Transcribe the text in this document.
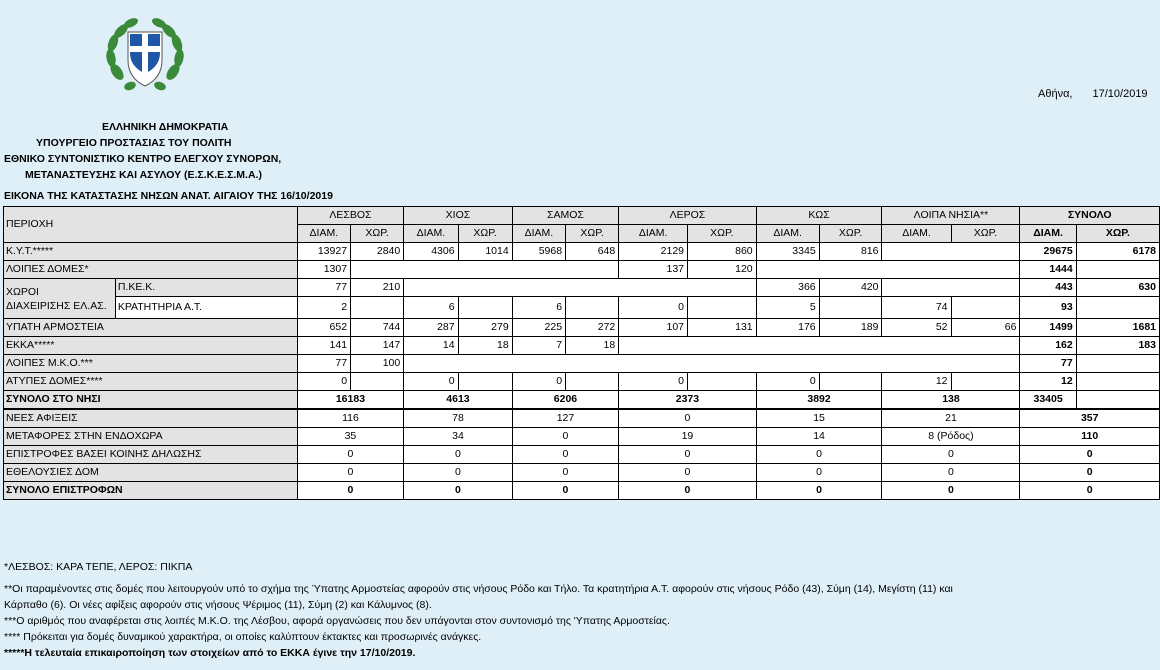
Αθήνα, 17/10/2019
ΕΛΛΗΝΙΚΗ ΔΗΜΟΚΡΑΤΙΑ
ΥΠΟΥΡΓΕΙΟ ΠΡΟΣΤΑΣΙΑΣ ΤΟΥ ΠΟΛΙΤΗ
ΕΘΝΙΚΟ ΣΥΝΤΟΝΙΣΤΙΚΟ ΚΕΝΤΡΟ ΕΛΕΓΧΟΥ ΣΥΝΟΡΩΝ,
ΜΕΤΑΝΑΣΤΕΥΣΗΣ ΚΑΙ ΑΣΥΛΟΥ (Ε.Σ.Κ.Ε.Σ.Μ.Α.)
ΕΙΚΟΝΑ ΤΗΣ ΚΑΤΑΣΤΑΣΗΣ ΝΗΣΩΝ ΑΝΑΤ. ΑΙΓΑΙΟΥ ΤΗΣ 16/10/2019
ΠΕΡΙΟΧΗ		ΛΕΣΒΟΣ		ΧΙΟΣ		ΣΑΜΟΣ		ΛΕΡΟΣ		ΚΩΣ		ΛΟΙΠΑ ΝΗΣΙΑ**		ΣΥΝΟΛΟ	
		ΔΙΑΜ.	ΧΩΡ.	ΔΙΑΜ.	ΧΩΡ.	ΔΙΑΜ.	ΧΩΡ.	ΔΙΑΜ.	ΧΩΡ.	ΔΙΑΜ.	ΧΩΡ.	ΔΙΑΜ.	ΧΩΡ.	ΔΙΑΜ.	ΧΩΡ.
Κ.Υ.Τ.*****		13927	2840	4306	1014	5968	648	2129	860	3345	816			29675	6178
ΛΟΙΠΕΣ ΔΟΜΕΣ*		1307						137	120					1444	
ΧΩΡΟΙ
ΔΙΑΧΕΙΡΙΣΗΣ ΕΛ.ΑΣ.	Π.ΚΕ.Κ.	77	210							366	420			443	630
	ΚΡΑΤΗΤΗΡΙΑ Α.Τ.	2		6		6		0		5		74		93	
ΥΠΑΤΗ ΑΡΜΟΣΤΕΙΑ		652	744	287	279	225	272	107	131	176	189	52	66	1499	1681
ΕΚΚΑ*****		141	147	14	18	7	18							162	183
ΛΟΙΠΕΣ Μ.Κ.Ο.***		77	100											77	
ΑΤΥΠΕΣ ΔΟΜΕΣ****		0		0		0		0		0		12		12	
ΣΥΝΟΛΟ ΣΤΟ ΝΗΣΙ		16183		4613		6206		2373		3892		138		33405	
ΝΕΕΣ ΑΦΙΞΕΙΣ		116		78		127		0		15		21		357	
ΜΕΤΑΦΟΡΕΣ ΣΤΗΝ ΕΝΔΟΧΩΡΑ		35		34		0		19		14		8 (Ρόδος)		110	
ΕΠΙΣΤΡΟΦΕΣ ΒΑΣΕΙ ΚΟΙΝΗΣ ΔΗΛΩΣΗΣ		0		0		0		0		0		0		0	
ΕΘΕΛΟΥΣΙΕΣ ΔΟΜ		0		0		0		0		0		0		0	
ΣΥΝΟΛΟ ΕΠΙΣΤΡΟΦΩΝ		0		0		0		0		0		0		0	
*ΛΕΣΒΟΣ: ΚΑΡΑ ΤΕΠΕ, ΛΕΡΟΣ: ΠΙΚΠΑ
**Οι παραμένοντες στις δομές που λειτουργούν υπό το σχήμα της Ύπατης Αρμοστείας αφορούν στις νήσους Ρόδο και Τήλο. Τα κρατητήρια Α.Τ. αφορούν στις νήσους Ρόδο (43), Σύμη (14), Μεγίστη (11) και
Κάρπαθο (6). Οι νέες αφίξεις αφορούν στις νήσους Ψέριμος (11), Σύμη (2) και Κάλυμνος (8).
***Ο αριθμός που αναφέρεται στις λοιπές Μ.Κ.Ο. της Λέσβου, αφορά οργανώσεις που δεν υπάγονται στον συντονισμό της 'Υπατης Αρμοστείας.
**** Πρόκειται για δομές δυναμικού χαρακτήρα, οι οποίες καλύπτουν έκτακτες και προσωρινές ανάγκες.
*****Η τελευταία επικαιροποίηση των στοιχείων από το ΕΚΚΑ έγινε την 17/10/2019.
